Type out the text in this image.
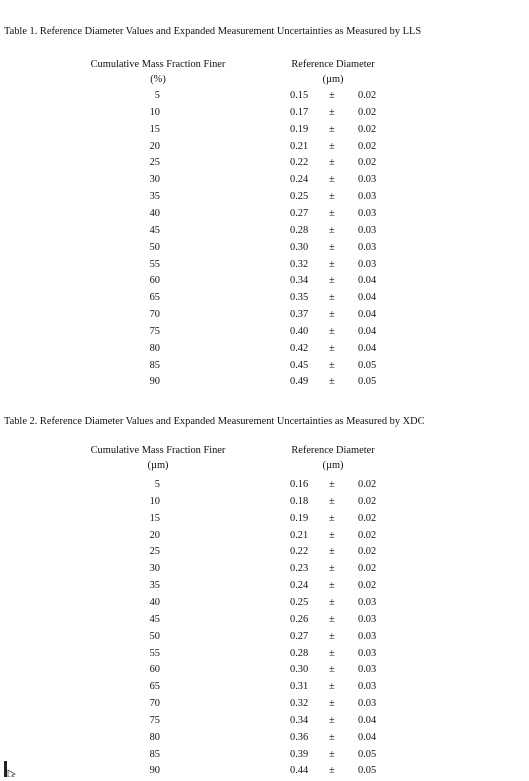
Table 1. Reference Diameter Values and Expanded Measurement Uncertainties as Measured by LLS
Cumulative Mass Fraction Finer
(%)
Reference Diameter
(µm)
5	0.15 ± 0.02
10	0.17 ± 0.02
15	0.19 ± 0.02
20	0.21 ± 0.02
25	0.22 ± 0.02
30	0.24 ± 0.03
35	0.25 ± 0.03
40	0.27 ± 0.03
45	0.28 ± 0.03
50	0.30 ± 0.03
55	0.32 ± 0.03
60	0.34 ± 0.04
65	0.35 ± 0.04
70	0.37 ± 0.04
75	0.40 ± 0.04
80	0.42 ± 0.04
85	0.45 ± 0.05
90	0.49 ± 0.05
Table 2. Reference Diameter Values and Expanded Measurement Uncertainties as Measured by XDC
Cumulative Mass Fraction Finer
(µm)
Reference Diameter
(µm)
5	0.16 ± 0.02
10	0.18 ± 0.02
15	0.19 ± 0.02
20	0.21 ± 0.02
25	0.22 ± 0.02
30	0.23 ± 0.02
35	0.24 ± 0.02
40	0.25 ± 0.03
45	0.26 ± 0.03
50	0.27 ± 0.03
55	0.28 ± 0.03
60	0.30 ± 0.03
65	0.31 ± 0.03
70	0.32 ± 0.03
75	0.34 ± 0.04
80	0.36 ± 0.04
85	0.39 ± 0.05
90	0.44 ± 0.05
